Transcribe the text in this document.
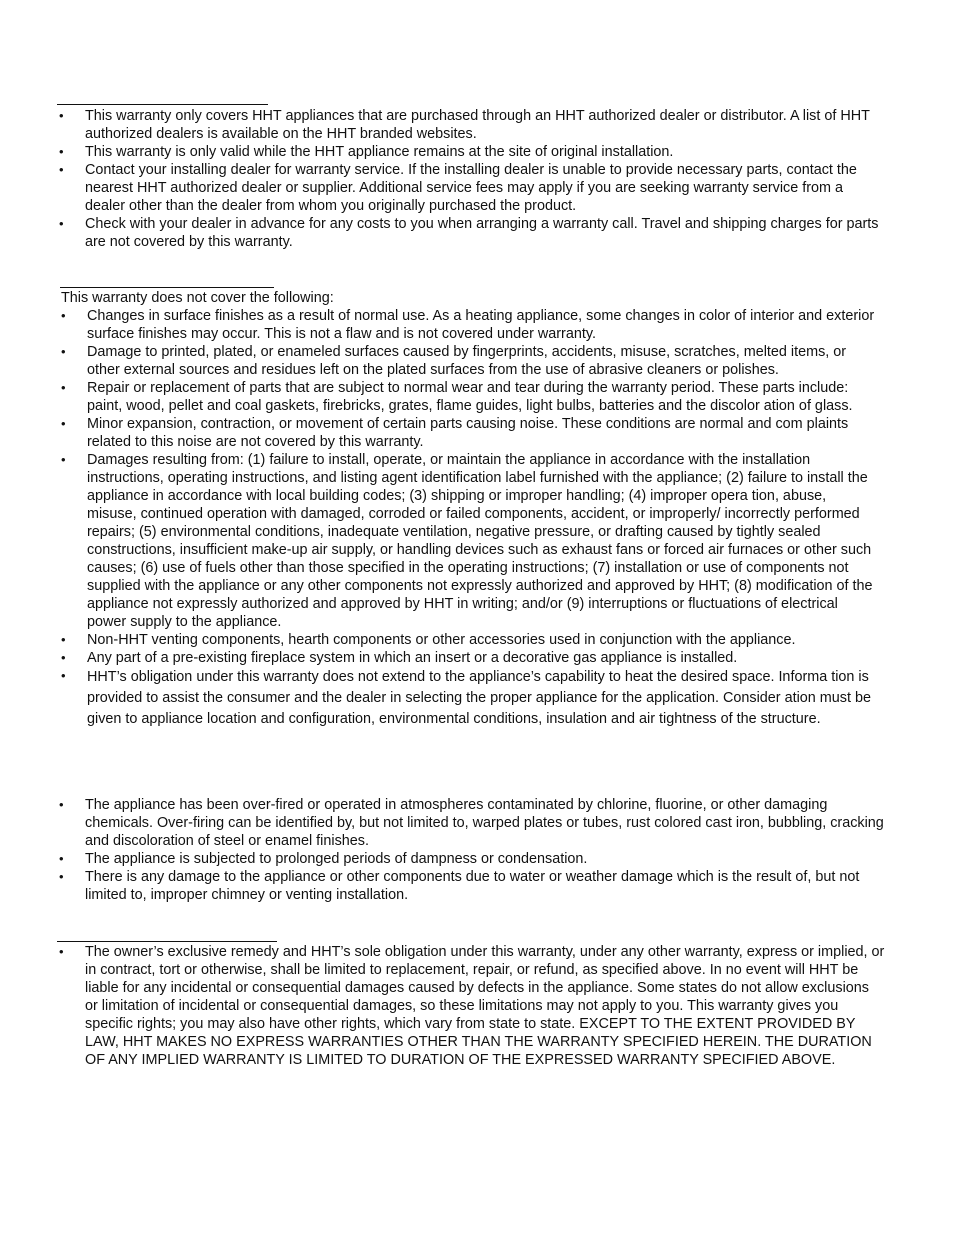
• This warranty only covers HHT appliances that are purchased through an HHT authorized dealer or distributor. A list of HHT authorized dealers is available on the HHT branded websites.
• This warranty is only valid while the HHT appliance remains at the site of original installation.
• Contact your installing dealer for warranty service. If the installing dealer is unable to provide necessary parts, contact the nearest HHT authorized dealer or supplier. Additional service fees may apply if you are seeking warranty service from a dealer other than the dealer from whom you originally purchased the product.
• Check with your dealer in advance for any costs to you when arranging a warranty call. Travel and shipping charges for parts are not covered by this warranty.

This warranty does not cover the following:

• Changes in surface finishes as a result of normal use. As a heating appliance, some changes in color of interior and exterior surface finishes may occur. This is not a flaw and is not covered under warranty.
• Damage to printed, plated, or enameled surfaces caused by fingerprints, accidents, misuse, scratches, melted items, or other external sources and residues left on the plated surfaces from the use of abrasive cleaners or polishes.
• Repair or replacement of parts that are subject to normal wear and tear during the warranty period. These parts include: paint, wood, pellet and coal gaskets, firebricks, grates, flame guides, light bulbs, batteries and the discolor ation of glass.
• Minor expansion, contraction, or movement of certain parts causing noise. These conditions are normal and com plaints related to this noise are not covered by this warranty.
• Damages resulting from: (1) failure to install, operate, or maintain the appliance in accordance with the installation instructions, operating instructions, and listing agent identification label furnished with the appliance; (2) failure to install the appliance in accordance with local building codes; (3) shipping or improper handling; (4) improper opera tion, abuse, misuse, continued operation with damaged, corroded or failed components, accident, or improperly/ incorrectly performed repairs; (5) environmental conditions, inadequate ventilation, negative pressure, or drafting caused by tightly sealed constructions, insufficient make-up air supply, or handling devices such as exhaust fans or forced air furnaces or other such causes; (6) use of fuels other than those specified in the operating instructions; (7) installation or use of components not supplied with the appliance or any other components not expressly authorized and approved by HHT; (8) modification of the appliance not expressly authorized and approved by HHT in writing; and/or (9) interruptions or fluctuations of electrical power supply to the appliance.
• Non-HHT venting components, hearth components or other accessories used in conjunction with the appliance.
• Any part of a pre-existing fireplace system in which an insert or a decorative gas appliance is installed.
• HHT’s obligation under this warranty does not extend to the appliance’s capability to heat the desired space. Informa tion is provided to assist the consumer and the dealer in selecting the proper appliance for the application. Consider ation must be given to appliance location and configuration, environmental conditions, insulation and air tightness of the structure.
• The appliance has been over-fired or operated in atmospheres contaminated by chlorine, fluorine, or other damaging chemicals. Over-firing can be identified by, but not limited to, warped plates or tubes, rust colored cast iron, bubbling, cracking and discoloration of steel or enamel finishes.
• The appliance is subjected to prolonged periods of dampness or condensation.
• There is any damage to the appliance or other components due to water or weather damage which is the result of, but not limited to, improper chimney or venting installation.
• The owner’s exclusive remedy and HHT’s sole obligation under this warranty, under any other warranty, express or implied, or in contract, tort or otherwise, shall be limited to replacement, repair, or refund, as specified above. In no event will HHT be liable for any incidental or consequential damages caused by defects in the appliance. Some states do not allow exclusions or limitation of incidental or consequential damages, so these limitations may not apply to you. This warranty gives you specific rights; you may also have other rights, which vary from state to state. EXCEPT TO THE EXTENT PROVIDED BY LAW, HHT MAKES NO EXPRESS WARRANTIES OTHER THAN THE WARRANTY SPECIFIED HEREIN. THE DURATION OF ANY IMPLIED WARRANTY IS LIMITED TO DURATION OF THE EXPRESSED WARRANTY SPECIFIED ABOVE.
